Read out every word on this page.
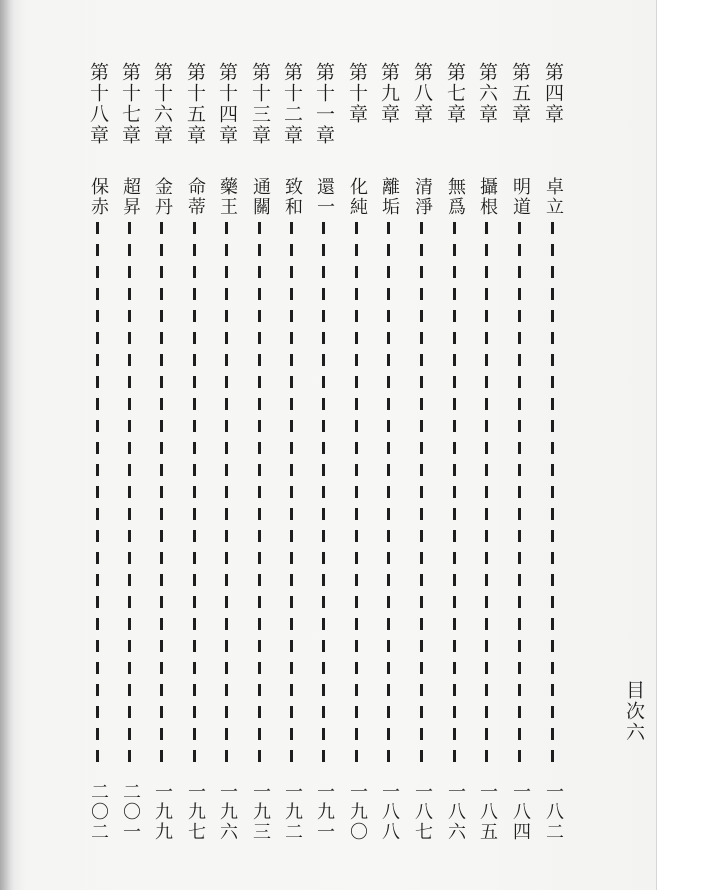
第四章
卓立
一八二
第五章
明道
一八四
第六章
攝根
一八五
第七章
無爲
一八六
第八章
清淨
一八七
第九章
離垢
一八八
第十章
化純
一九〇
第十一章
還一
一九一
第十二章
致和
一九二
第十三章
通關
一九三
第十四章
藥王
一九六
第十五章
命蒂
一九七
第十六章
金丹
一九九
第十七章
超昇
二〇一
第十八章
保赤
二〇二
目次六
